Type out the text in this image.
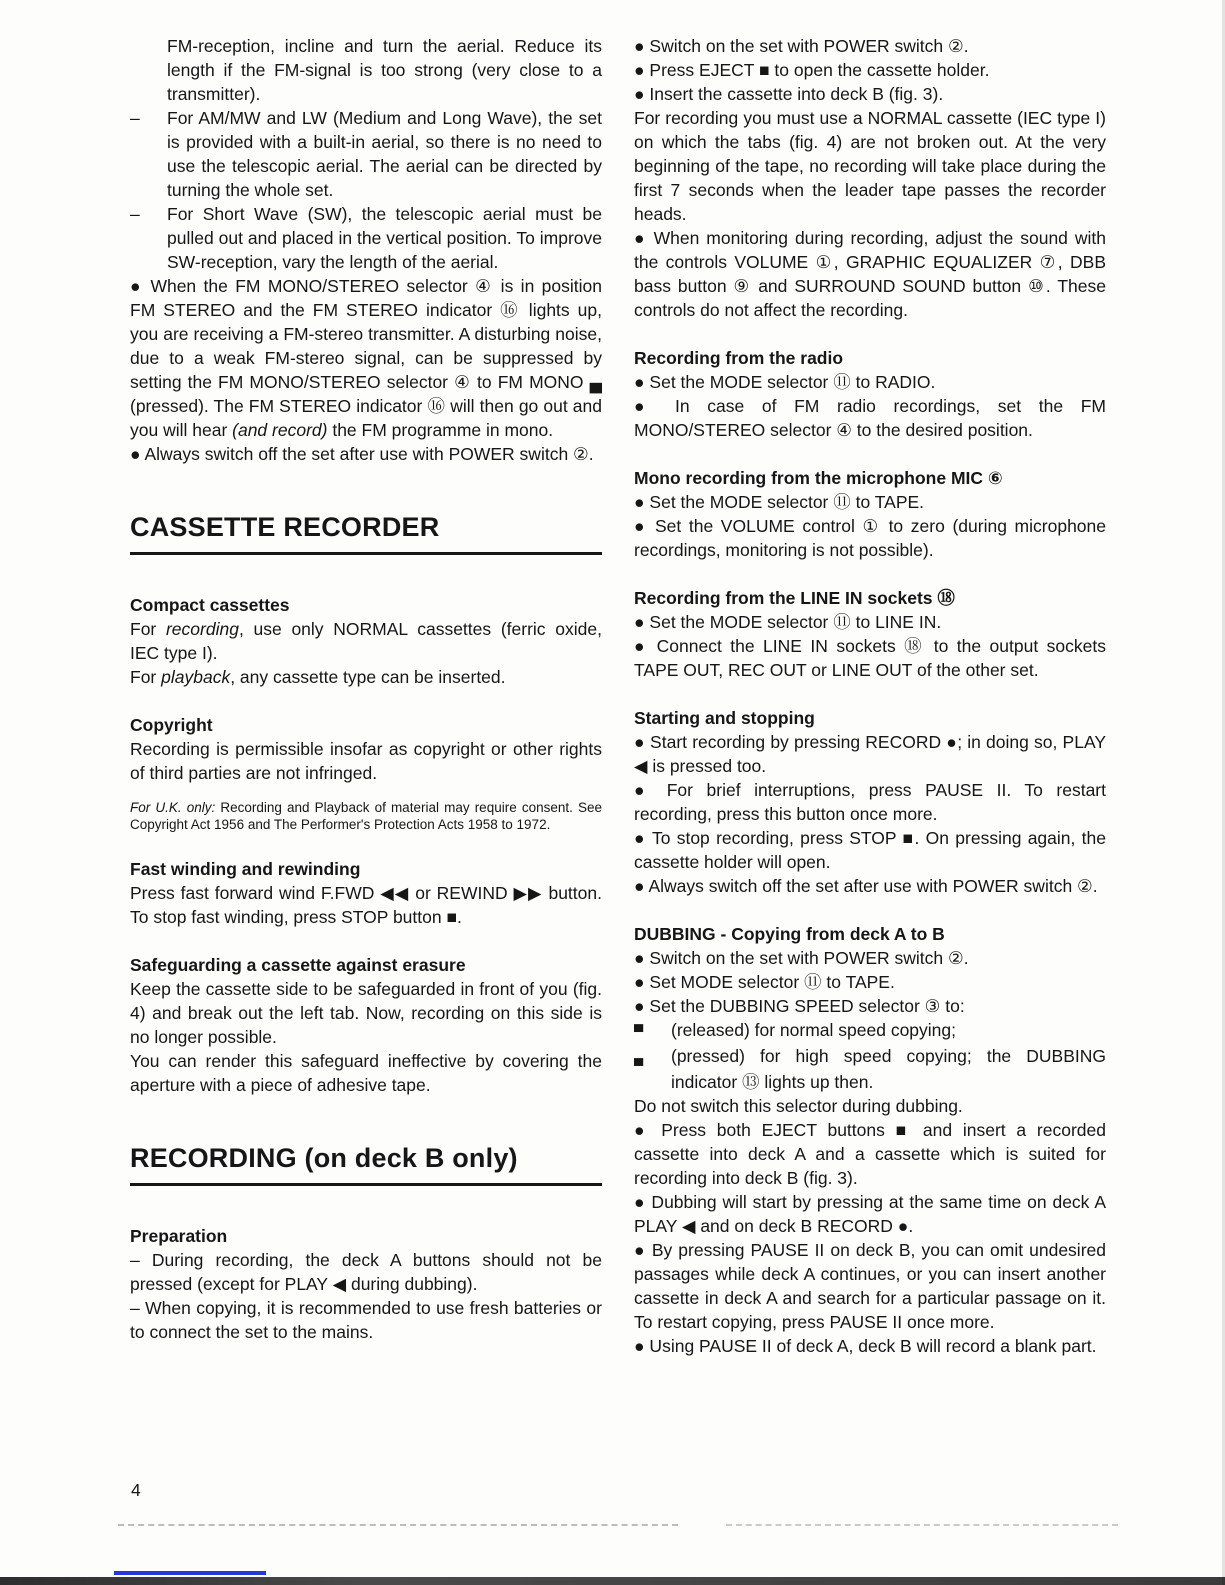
FM-reception, incline and turn the aerial. Reduce its length if the FM-signal is too strong (very close to a transmitter).

– For AM/MW and LW (Medium and Long Wave), the set is provided with a built-in aerial, so there is no need to use the telescopic aerial. The aerial can be directed by turning the whole set.

– For Short Wave (SW), the telescopic aerial must be pulled out and placed in the vertical position. To improve SW-reception, vary the length of the aerial.

● When the FM MONO/STEREO selector ④ is in position FM STEREO and the FM STEREO indicator ⑯ lights up, you are receiving a FM-stereo transmitter. A disturbing noise, due to a weak FM-stereo signal, can be suppressed by setting the FM MONO/STEREO selector ④ to FM MONO ▄ (pressed). The FM STEREO indicator ⑯ will then go out and you will hear (and record) the FM programme in mono.

● Always switch off the set after use with POWER switch ②.

CASSETTE RECORDER
Compact cassettes

For recording, use only NORMAL cassettes (ferric oxide, IEC type I).

For playback, any cassette type can be inserted.

Copyright

Recording is permissible insofar as copyright or other rights of third parties are not infringed.

For U.K. only: Recording and Playback of material may require consent. See Copyright Act 1956 and The Performer's Protection Acts 1958 to 1972.

Fast winding and rewinding

Press fast forward wind F.FWD ◀◀ or REWIND ▶▶ button. To stop fast winding, press STOP button ■.

Safeguarding a cassette against erasure

Keep the cassette side to be safeguarded in front of you (fig. 4) and break out the left tab. Now, recording on this side is no longer possible.

You can render this safeguard ineffective by covering the aperture with a piece of adhesive tape.

RECORDING (on deck B only)
Preparation

– During recording, the deck A buttons should not be pressed (except for PLAY ◀ during dubbing).

– When copying, it is recommended to use fresh batteries or to connect the set to the mains.

● Switch on the set with POWER switch ②.

● Press EJECT ■ to open the cassette holder.

● Insert the cassette into deck B (fig. 3).

For recording you must use a NORMAL cassette (IEC type I) on which the tabs (fig. 4) are not broken out. At the very beginning of the tape, no recording will take place during the first 7 seconds when the leader tape passes the recorder heads.

● When monitoring during recording, adjust the sound with the controls VOLUME ①, GRAPHIC EQUALIZER ⑦, DBB bass button ⑨ and SURROUND SOUND button ⑩. These controls do not affect the recording.

Recording from the radio

● Set the MODE selector ⑪ to RADIO.

● In case of FM radio recordings, set the FM MONO/STEREO selector ④ to the desired position.

Mono recording from the microphone MIC ⑥

● Set the MODE selector ⑪ to TAPE.

● Set the VOLUME control ① to zero (during microphone recordings, monitoring is not possible).

Recording from the LINE IN sockets ⑱

● Set the MODE selector ⑪ to LINE IN.

● Connect the LINE IN sockets ⑱ to the output sockets TAPE OUT, REC OUT or LINE OUT of the other set.

Starting and stopping

● Start recording by pressing RECORD ●; in doing so, PLAY ◀ is pressed too.

● For brief interruptions, press PAUSE II. To restart recording, press this button once more.

● To stop recording, press STOP ■. On pressing again, the cassette holder will open.

● Always switch off the set after use with POWER switch ②.

DUBBING - Copying from deck A to B

● Switch on the set with POWER switch ②.

● Set MODE selector ⑪ to TAPE.

● Set the DUBBING SPEED selector ③ to:

▀ (released) for normal speed copying;

▄ (pressed) for high speed copying; the DUBBING indicator ⑬ lights up then.

Do not switch this selector during dubbing.

● Press both EJECT buttons ■ and insert a recorded cassette into deck A and a cassette which is suited for recording into deck B (fig. 3).

● Dubbing will start by pressing at the same time on deck A PLAY ◀ and on deck B RECORD ●.

● By pressing PAUSE II on deck B, you can omit undesired passages while deck A continues, or you can insert another cassette in deck A and search for a particular passage on it. To restart copying, press PAUSE II once more.

● Using PAUSE II of deck A, deck B will record a blank part.

4
